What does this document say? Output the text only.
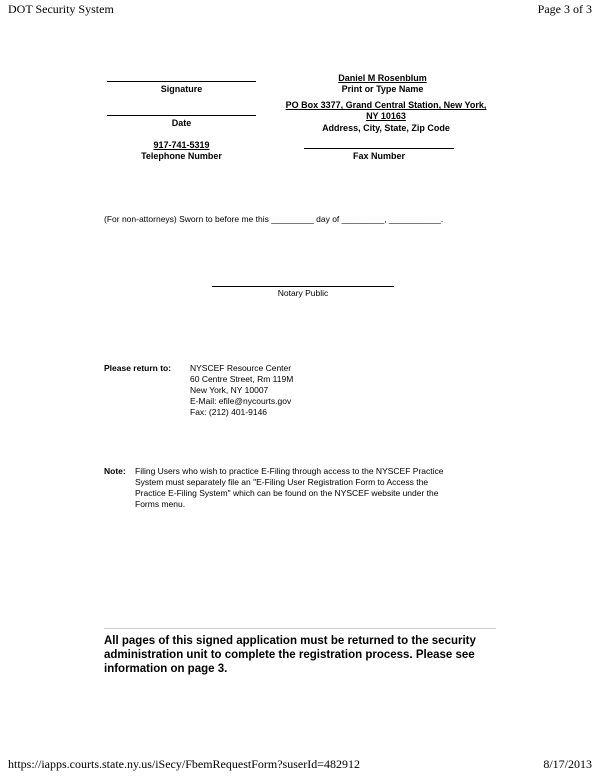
DOT Security System	Page 3 of 3
Signature
Daniel M Rosenblum
Print or Type Name
PO Box 3377, Grand Central Station, New York,
NY 10163
Address, City, State, Zip Code
Date
917-741-5319
Telephone Number	Fax Number
(For non-attorneys) Sworn to before me this _________ day of _________, ___________.
Notary Public
Please return to: NYSCEF Resource Center
60 Centre Street, Rm 119M
New York, NY 10007
E-Mail: efile@nycourts.gov
Fax: (212) 401-9146
Note: Filing Users who wish to practice E-Filing through access to the NYSCEF Practice
System must separately file an "E-Filing User Registration Form to Access the
Practice E-Filing System" which can be found on the NYSCEF website under the
Forms menu.
All pages of this signed application must be returned to the security
administration unit to complete the registration process. Please see
information on page 3.
https://iapps.courts.state.ny.us/iSecy/FbemRequestForm?suserId=482912	8/17/2013
